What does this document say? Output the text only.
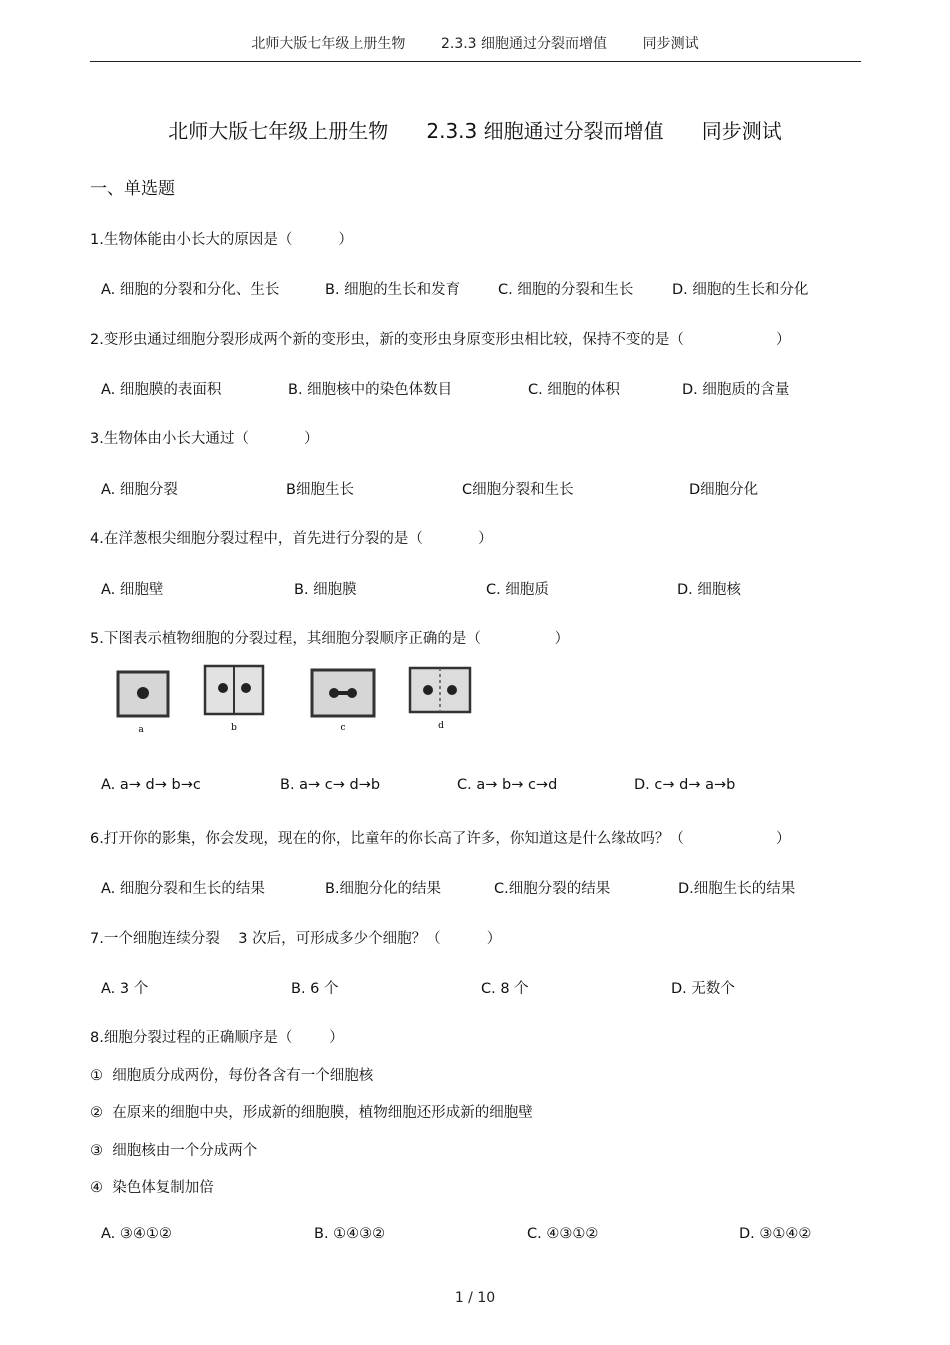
北师大版七年级上册生物        2.3.3 细胞通过分裂而增值        同步测试
北师大版七年级上册生物      2.3.3 细胞通过分裂而增值      同步测试
一、单选题
1.生物体能由小长大的原因是（          ）
A. 细胞的分裂和分化、生长	B. 细胞的生长和发育	C. 细胞的分裂和生长	D. 细胞的生长和分化
2.变形虫通过细胞分裂形成两个新的变形虫，新的变形虫身原变形虫相比较，保持不变的是（                    ）
A. 细胞膜的表面积	B. 细胞核中的染色体数目	C. 细胞的体积	D. 细胞质的含量
3.生物体由小长大通过（            ）
A. 细胞分裂	B细胞生长	C细胞分裂和生长	D细胞分化
4.在洋葱根尖细胞分裂过程中，首先进行分裂的是（            ）
A. 细胞壁	B. 细胞膜	C. 细胞质	D. 细胞核
5.下图表示植物细胞的分裂过程，其细胞分裂顺序正确的是（                ）
a	b	c	d
A. a→ d→ b→c	B. a→ c→ d→b	C. a→ b→ c→d	D. c→ d→ a→b
6.打开你的影集，你会发现，现在的你，比童年的你长高了许多，你知道这是什么缘故吗？（                    ）
A. 细胞分裂和生长的结果	B.细胞分化的结果	C.细胞分裂的结果	D.细胞生长的结果
7.一个细胞连续分裂    3 次后，可形成多少个细胞？（          ）
A. 3 个	B. 6 个	C. 8 个	D. 无数个
8.细胞分裂过程的正确顺序是（        ）
①  细胞质分成两份，每份各含有一个细胞核
②  在原来的细胞中央，形成新的细胞膜，植物细胞还形成新的细胞壁
③  细胞核由一个分成两个
④  染色体复制加倍
A. ③④①②	B. ①④③②	C. ④③①②	D. ③①④②
1 / 10
